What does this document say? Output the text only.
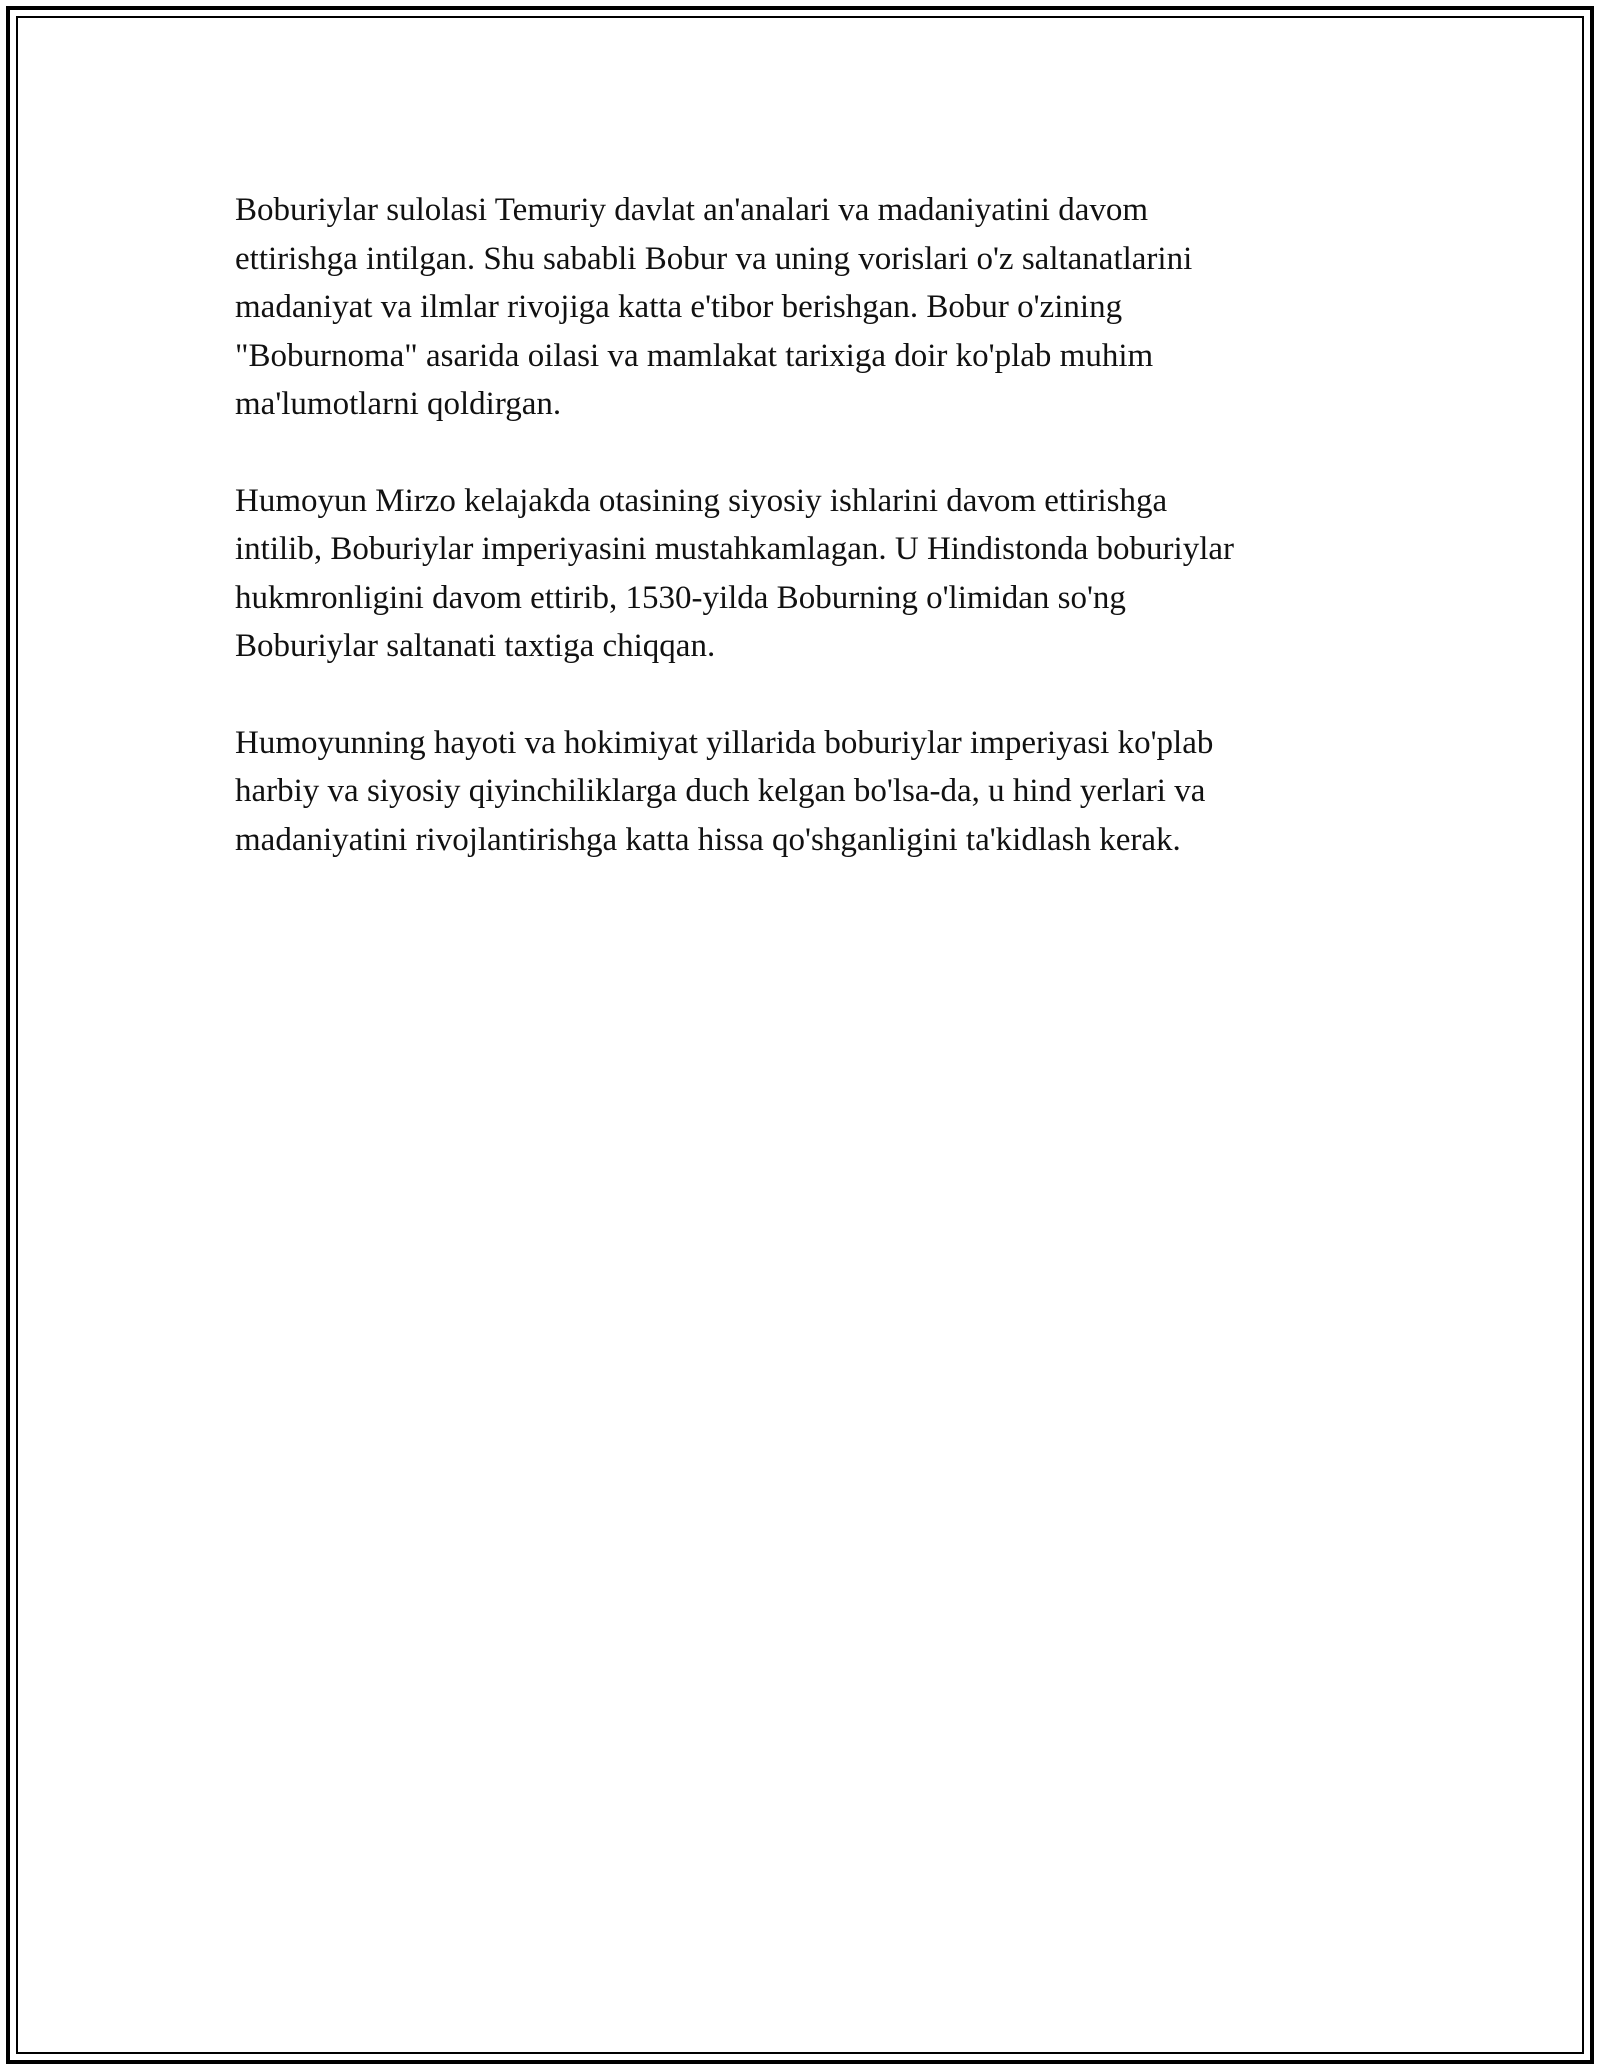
Boburiylar sulolasi Temuriy davlat an'analari va madaniyatini davom
ettirishga intilgan. Shu sababli Bobur va uning vorislari o'z saltanatlarini
madaniyat va ilmlar rivojiga katta e'tibor berishgan. Bobur o'zining
"Boburnoma" asarida oilasi va mamlakat tarixiga doir ko'plab muhim
ma'lumotlarni qoldirgan.

Humoyun Mirzo kelajakda otasining siyosiy ishlarini davom ettirishga
intilib, Boburiylar imperiyasini mustahkamlagan. U Hindistonda boburiylar
hukmronligini davom ettirib, 1530-yilda Boburning o'limidan so'ng
Boburiylar saltanati taxtiga chiqqan.

Humoyunning hayoti va hokimiyat yillarida boburiylar imperiyasi ko'plab
harbiy va siyosiy qiyinchiliklarga duch kelgan bo'lsa-da, u hind yerlari va
madaniyatini rivojlantirishga katta hissa qo'shganligini ta'kidlash kerak.
